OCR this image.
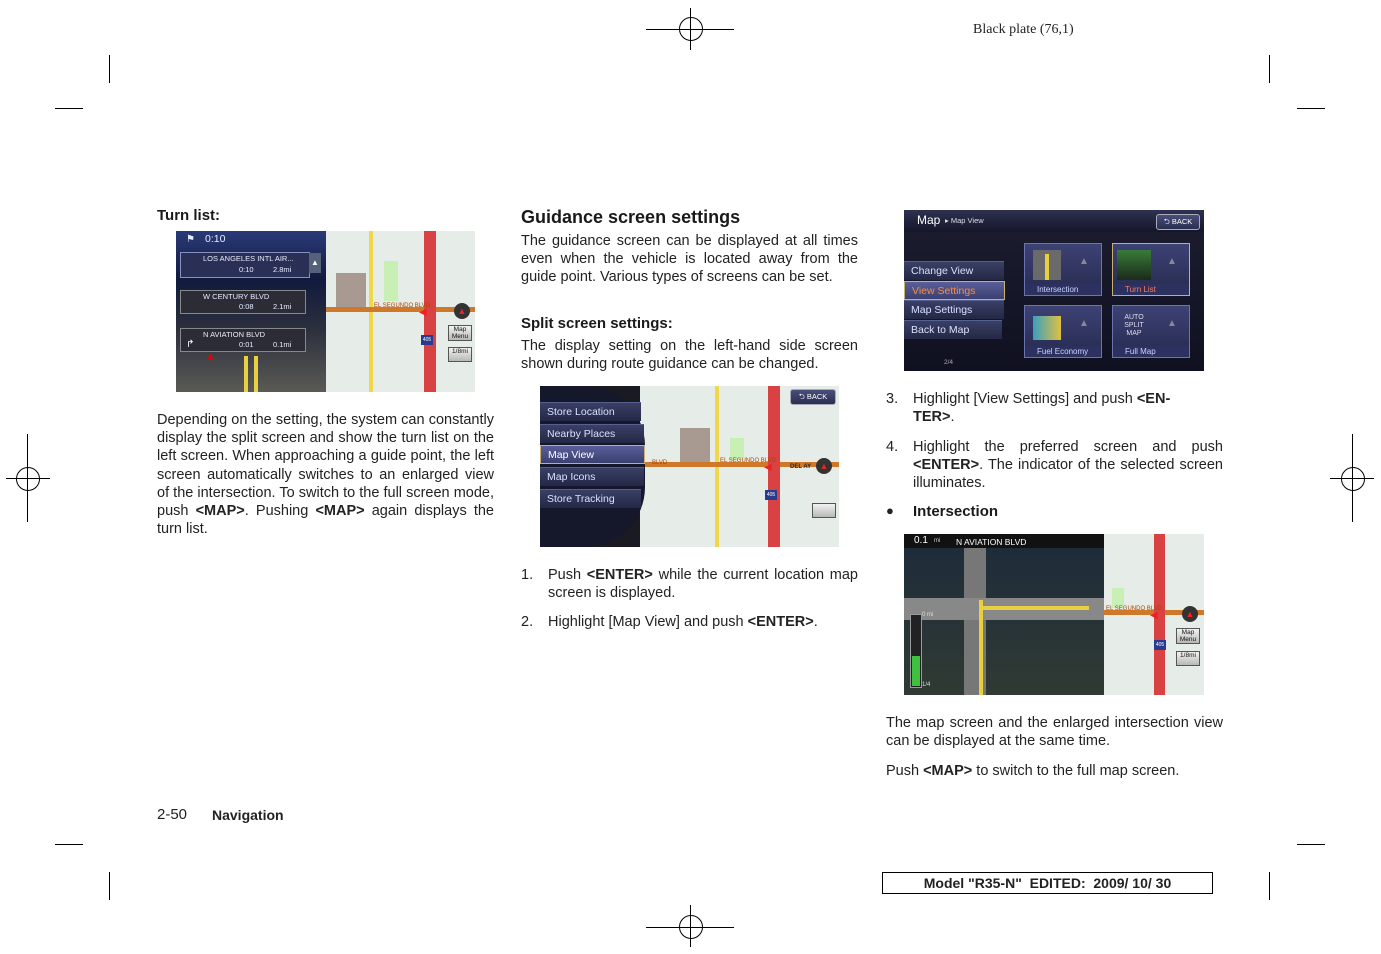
Black plate (76,1)
Turn list:
⚑ 0:10
LOS ANGELES INTL AIR...
0:10	2.8mi
W CENTURY BLVD
0:08	2.1mi
N AVIATION BLVD
0:01	0.1mi
▲
↱
▲
EL SEGUNDO BLVD
405
▲
◀
Map Menu
1/8mi
Depending on the setting, the system can constantly display the split screen and show the turn list on the left screen. When approaching a guide point, the left screen automatically switches to an enlarged view of the intersection. To switch to the full screen mode, push <MAP>. Pushing <MAP> again displays the turn list.
Guidance screen settings
The guidance screen can be displayed at all times even when the vehicle is located away from the guide point. Various types of screens can be set.
Split screen settings:
The display setting on the left-hand side screen shown during route guidance can be changed.
BLVD	EL SEGUNDO BLVD
DEL AY
405
▲
◀
⮌ BACK
Store Location
Nearby Places
Map View
Map Icons
Store Tracking
1. Push <ENTER> while the current location map screen is displayed.
2. Highlight [Map View] and push <ENTER>.
Map ▸ Map View	⮌ BACK
Change View
View Settings
Map Settings
Back to Map
2/4
▲
Intersection
▲
Turn List
▲
Fuel Economy
AUTO SPLIT MAP
▲
Full Map
3. Highlight [View Settings] and push <EN-
TER>.
4. Highlight the preferred screen and push <ENTER>. The indicator of the selected screen illuminates.
● Intersection
0.1 mi N AVIATION BLVD
0 mi
1/4
EL SEGUNDO BLVD
405
▲
◀
Map Menu
1/8mi
The map screen and the enlarged intersection view can be displayed at the same time.
Push <MAP> to switch to the full map screen.
2-50 Navigation
Model "R35-N"  EDITED:  2009/ 10/ 30
